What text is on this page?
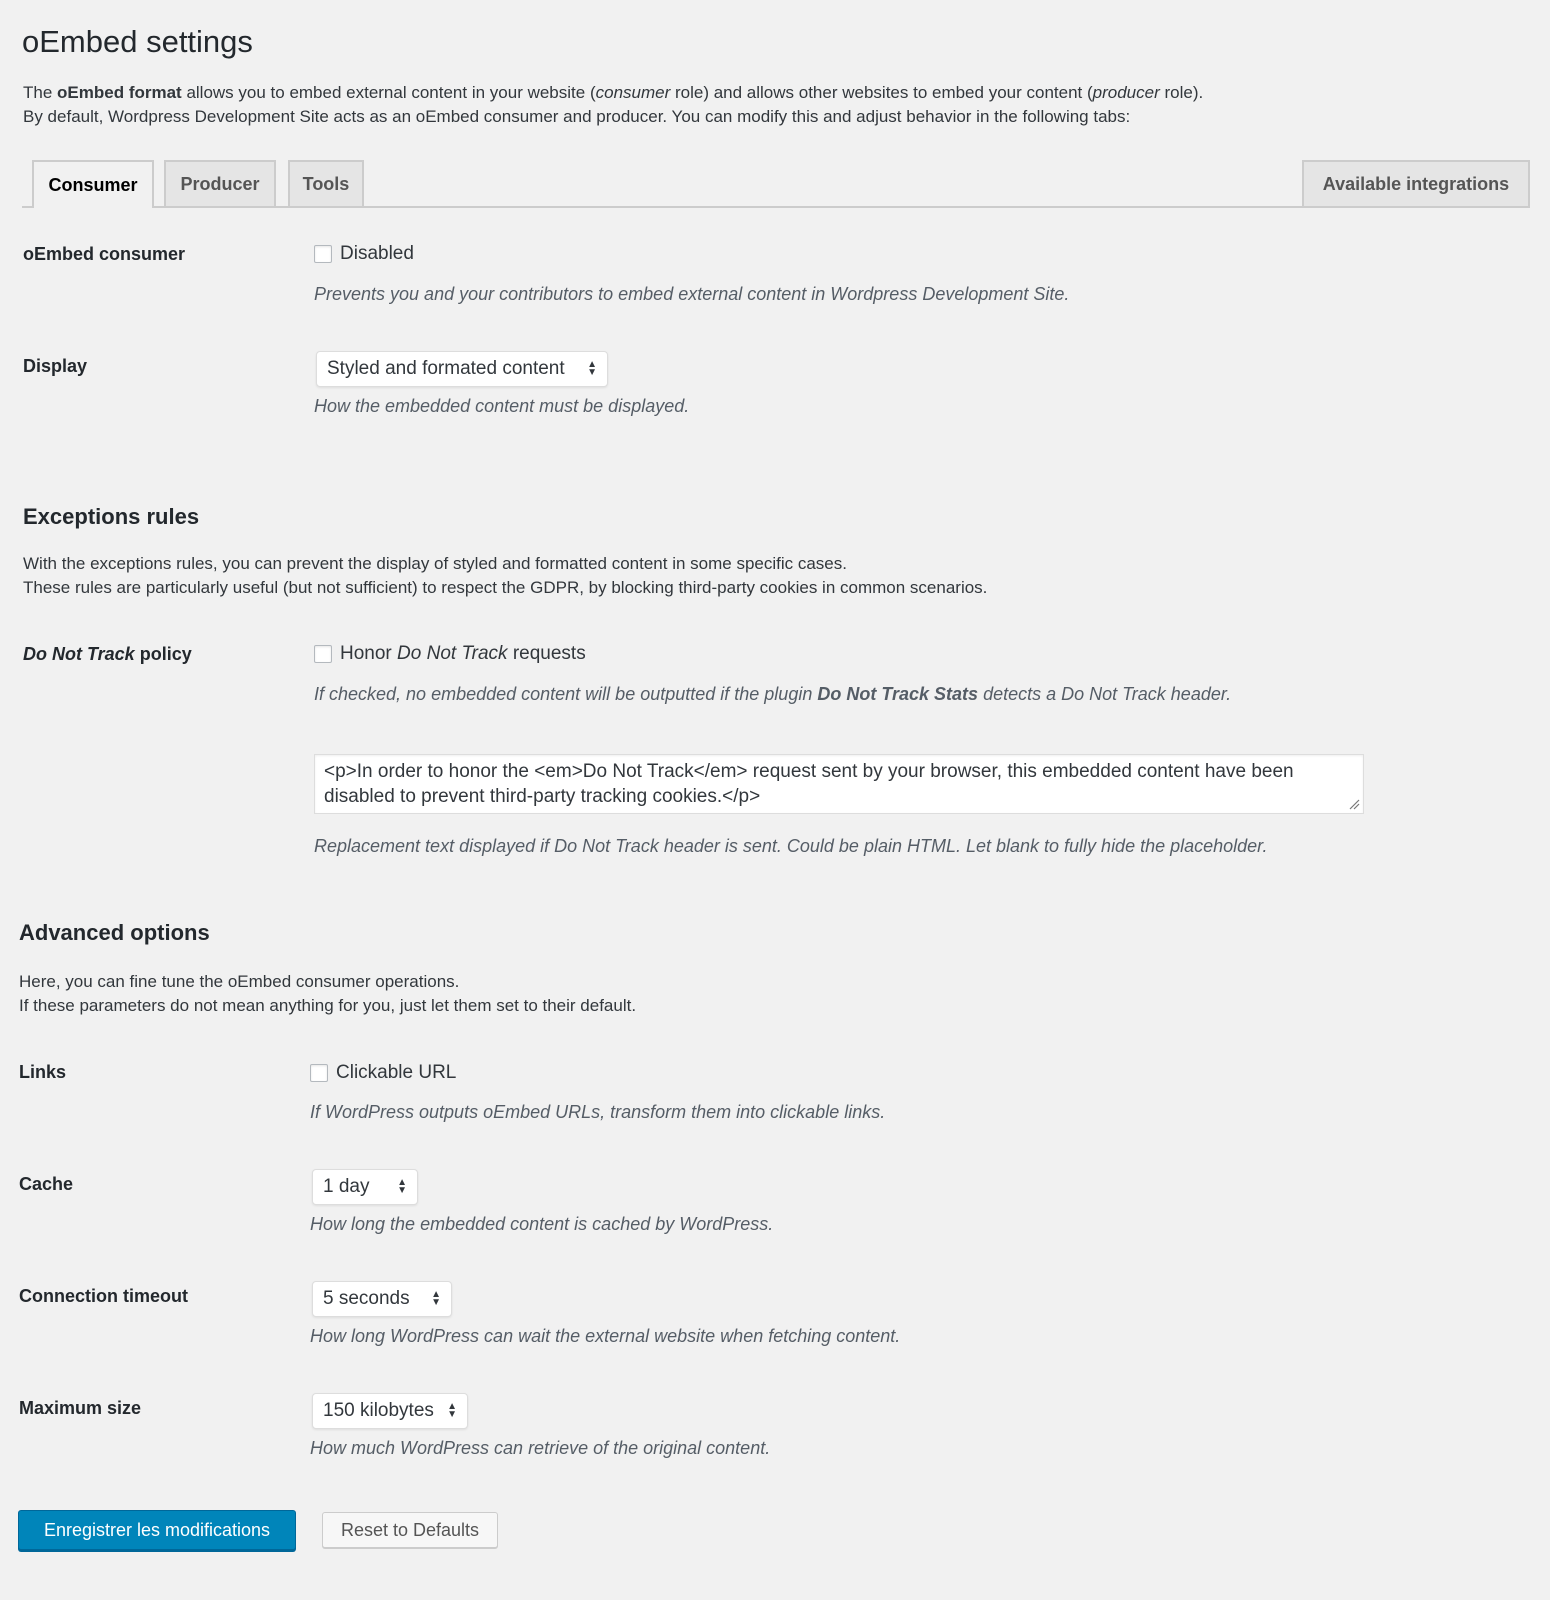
oEmbed settings

The oEmbed format allows you to embed external content in your website (consumer role) and allows other websites to embed your content (producer role).
By default, Wordpress Development Site acts as an oEmbed consumer and producer. You can modify this and adjust behavior in the following tabs:

Consumer	Producer	Tools	Available integrations
oEmbed consumer	Disabled
Prevents you and your contributors to embed external content in Wordpress Development Site.
Display	Styled and formated content ▲
▼
How the embedded content must be displayed.
Exceptions rules

With the exceptions rules, you can prevent the display of styled and formatted content in some specific cases.
These rules are particularly useful (but not sufficient) to respect the GDPR, by blocking third-party cookies in common scenarios.

Do Not Track policy	Honor Do Not Track requests
If checked, no embedded content will be outputted if the plugin Do Not Track Stats detects a Do Not Track header.
<p>In order to honor the <em>Do Not Track</em> request sent by your browser, this embedded content have been disabled to prevent third-party tracking cookies.</p>
Replacement text displayed if Do Not Track header is sent. Could be plain HTML. Let blank to fully hide the placeholder.
Advanced options

Here, you can fine tune the oEmbed consumer operations.
If these parameters do not mean anything for you, just let them set to their default.

Links	Clickable URL
If WordPress outputs oEmbed URLs, transform them into clickable links.
Cache	1 day	▲
▼
How long the embedded content is cached by WordPress.
Connection timeout	5 seconds ▲
▼
How long WordPress can wait the external website when fetching content.
Maximum size	150 kilobytes ▲
▼
How much WordPress can retrieve of the original content.
Enregistrer les modifications	Reset to Defaults
